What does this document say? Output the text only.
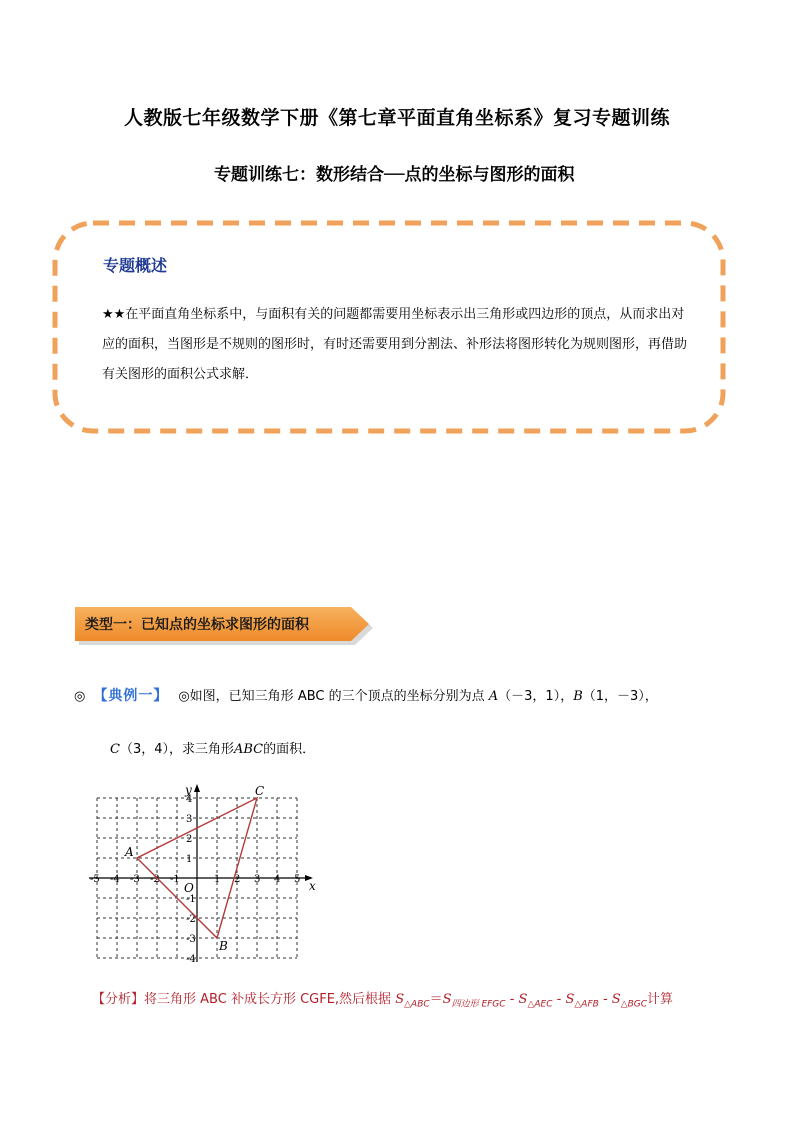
人教版七年级数学下册《第七章平面直角坐标系》复习专题训练
专题训练七：数形结合──点的坐标与图形的面积
专题概述
★★在平面直角坐标系中，与面积有关的问题都需要用坐标表示出三角形或四边形的顶点，从而求出对应的面积，当图形是不规则的图形时，有时还需要用到分割法、补形法将图形转化为规则图形，再借助有关图形的面积公式求解．
类型一：已知点的坐标求图形的面积
◎ 【典例一】 ◎如图，已知三角形 ABC 的三个顶点的坐标分别为点 A（－3，1），B（1，－3），
C（3，4），求三角形ABC的面积．
x
y
O
-5 -4 -3 -2 -1	1 2 3 4 5
4
3
2
1
-1
-2
-3
-4
A
B
C
【分析】将三角形 ABC 补成长方形 CGFE,然后根据 $S_{\triangle ABC}=S_{四边形 EFGC} - S_{\triangle AEC} - S_{\triangle AFB} - S_{\triangle BGC}$计算
